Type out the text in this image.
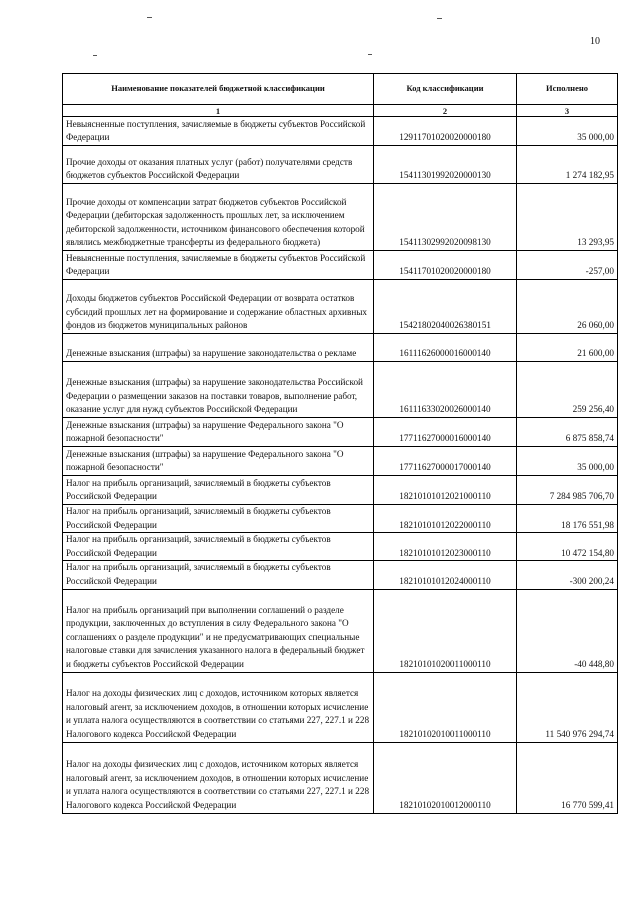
10
Наименование показателей бюджетной классификации	Код классификации	Исполнено
1	2	3
Невыясненные поступления, зачисляемые в бюджеты субъектов Российской Федерации	12911701020020000180	35 000,00
Прочие доходы от оказания платных услуг (работ) получателями средств бюджетов субъектов Российской Федерации	15411301992020000130	1 274 182,95
Прочие доходы от компенсации затрат бюджетов субъектов Российской Федерации (дебиторская задолженность прошлых лет, за исключением дебиторской задолженности, источником финансового обеспечения которой являлись межбюджетные трансферты из федерального бюджета)	15411302992020098130	13 293,95
Невыясненные поступления, зачисляемые в бюджеты субъектов Российской Федерации	15411701020020000180	-257,00
Доходы бюджетов субъектов Российской Федерации от возврата остатков субсидий прошлых лет на формирование и содержание областных архивных фондов из бюджетов муниципальных районов	15421802040026380151	26 060,00
Денежные взыскания (штрафы) за нарушение законодательства о рекламе	16111626000016000140	21 600,00
Денежные взыскания (штрафы) за нарушение законодательства Российской Федерации о размещении заказов на поставки товаров, выполнение работ, оказание услуг для нужд субъектов Российской Федерации	16111633020026000140	259 256,40
Денежные взыскания (штрафы) за нарушение Федерального закона "О пожарной безопасности"	17711627000016000140	6 875 858,74
Денежные взыскания (штрафы) за нарушение Федерального закона "О пожарной безопасности"	17711627000017000140	35 000,00
Налог на прибыль организаций, зачисляемый в бюджеты субъектов Российской Федерации	18210101012021000110	7 284 985 706,70
Налог на прибыль организаций, зачисляемый в бюджеты субъектов Российской Федерации	18210101012022000110	18 176 551,98
Налог на прибыль организаций, зачисляемый в бюджеты субъектов Российской Федерации	18210101012023000110	10 472 154,80
Налог на прибыль организаций, зачисляемый в бюджеты субъектов Российской Федерации	18210101012024000110	-300 200,24
Налог на прибыль организаций при выполнении соглашений о разделе продукции, заключенных до вступления в силу Федерального закона "О соглашениях о разделе продукции" и не предусматривающих специальные налоговые ставки для зачисления указанного налога в федеральный бюджет и бюджеты субъектов Российской Федерации	18210101020011000110	-40 448,80
Налог на доходы физических лиц с доходов, источником которых является налоговый агент, за исключением доходов, в отношении которых исчисление и уплата налога осуществляются в соответствии со статьями 227, 227.1 и 228 Налогового кодекса Российской Федерации	18210102010011000110	11 540 976 294,74
Налог на доходы физических лиц с доходов, источником которых является налоговый агент, за исключением доходов, в отношении которых исчисление и уплата налога осуществляются в соответствии со статьями 227, 227.1 и 228 Налогового кодекса Российской Федерации	18210102010012000110	16 770 599,41
